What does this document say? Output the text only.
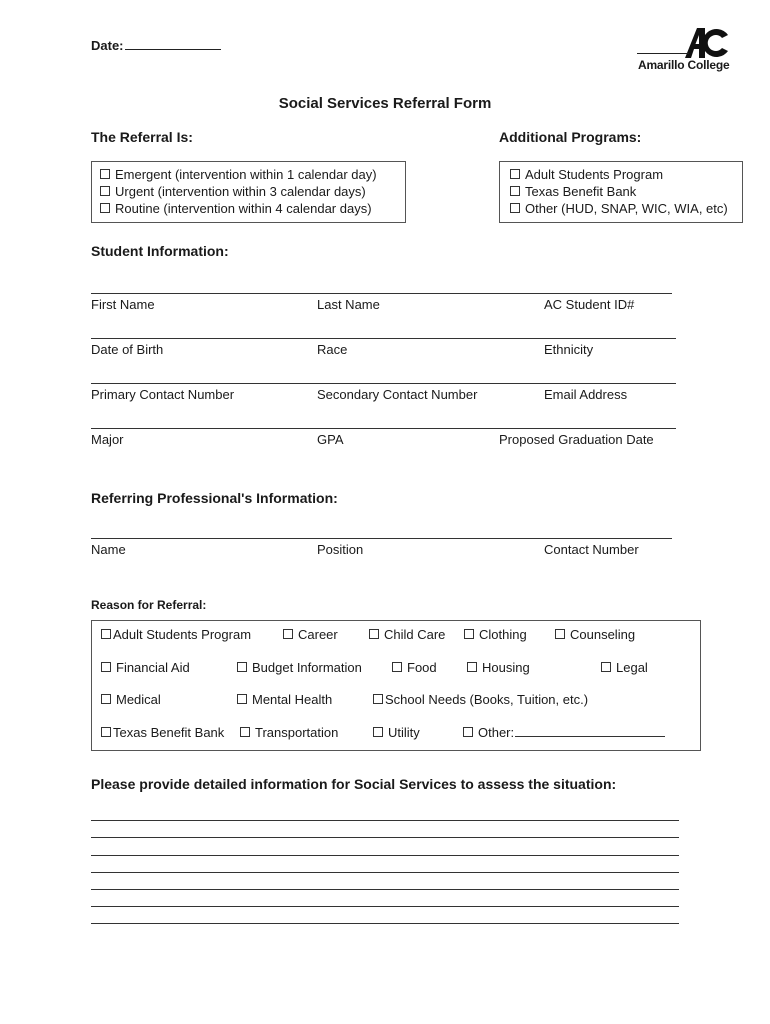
Date:
Amarillo College
Social Services Referral Form
The Referral Is:	Additional Programs:
Emergent (intervention within 1 calendar day)
Urgent (intervention within 3 calendar days)
Routine (intervention within 4 calendar days)
Adult Students Program
Texas Benefit Bank
Other (HUD, SNAP, WIC, WIA, etc)
Student Information:
First Name	Last Name	AC Student ID#
Date of Birth	Race	Ethnicity
Primary Contact Number	Secondary Contact Number	Email Address
Major	GPA	Proposed Graduation Date
Referring Professional's Information:
Name	Position	Contact Number
Reason for Referral:
Adult Students Program	Career	Child Care	Clothing	Counseling
Financial Aid	Budget Information	Food	Housing	Legal
Medical	Mental Health	School Needs (Books, Tuition, etc.)
Texas Benefit Bank	Transportation	Utility	Other:
Please provide detailed information for Social Services to assess the situation:
